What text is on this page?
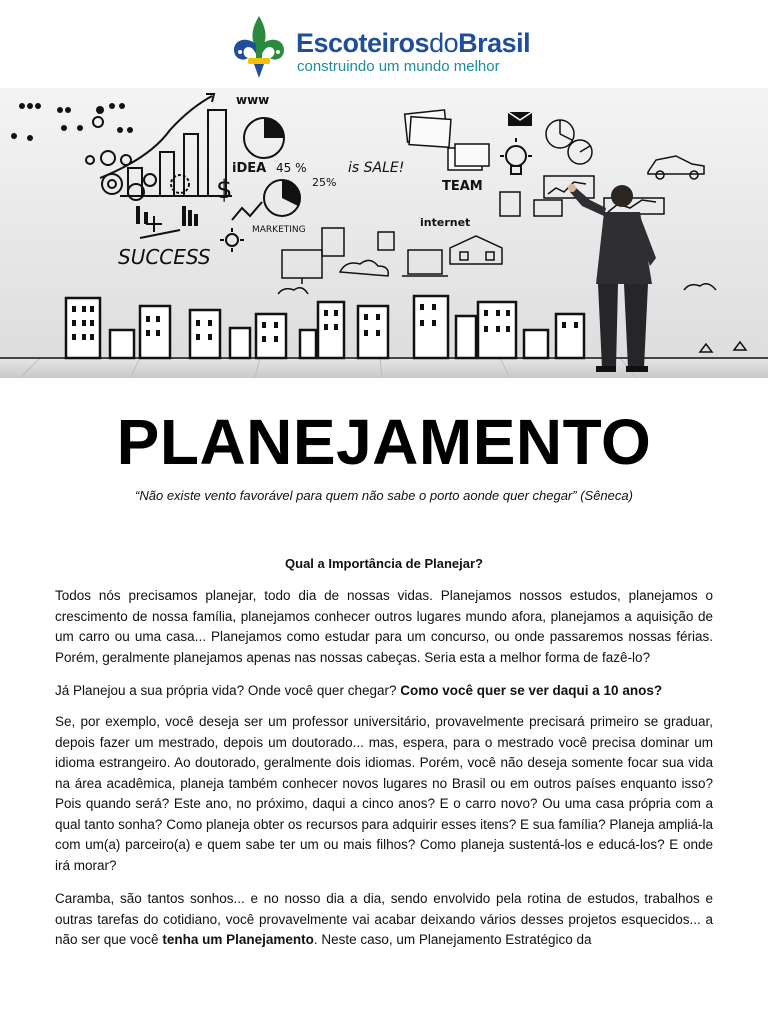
EscoteirosdoBrasil
construindo um mundo melhor
www
$
iDEA 45 %	is SALE!
25%	TEAM
MARKETING
internet
SUCCESS
PLANEJAMENTO
“Não existe vento favorável para quem não sabe o porto aonde quer chegar” (Sêneca)
Qual a Importância de Planejar?
Todos nós precisamos planejar, todo dia de nossas vidas. Planejamos nossos estudos, planejamos o crescimento de nossa família, planejamos conhecer outros lugares mundo afora, planejamos a aquisição de um carro ou uma casa... Planejamos como estudar para um concurso, ou onde passaremos nossas férias. Porém, geralmente planejamos apenas nas nossas cabeças. Seria esta a melhor forma de fazê-lo?
Já Planejou a sua própria vida? Onde você quer chegar? Como você quer se ver daqui a 10 anos?
Se, por exemplo, você deseja ser um professor universitário, provavelmente precisará primeiro se graduar, depois fazer um mestrado, depois um doutorado... mas, espera, para o mestrado você precisa dominar um idioma estrangeiro. Ao doutorado, geralmente dois idiomas. Porém, você não deseja somente focar sua vida na área acadêmica, planeja também conhecer novos lugares no Brasil ou em outros países enquanto isso? Pois quando será? Este ano, no próximo, daqui a cinco anos? E o carro novo? Ou uma casa própria com a qual tanto sonha? Como planeja obter os recursos para adquirir esses itens? E sua família? Planeja ampliá-la com um(a) parceiro(a) e quem sabe ter um ou mais filhos? Como planeja sustentá-los e educá-los? E onde irá morar?
Caramba, são tantos sonhos... e no nosso dia a dia, sendo envolvido pela rotina de estudos, trabalhos e outras tarefas do cotidiano, você provavelmente vai acabar deixando vários desses projetos esquecidos... a não ser que você tenha um Planejamento. Neste caso, um Planejamento Estratégico da
